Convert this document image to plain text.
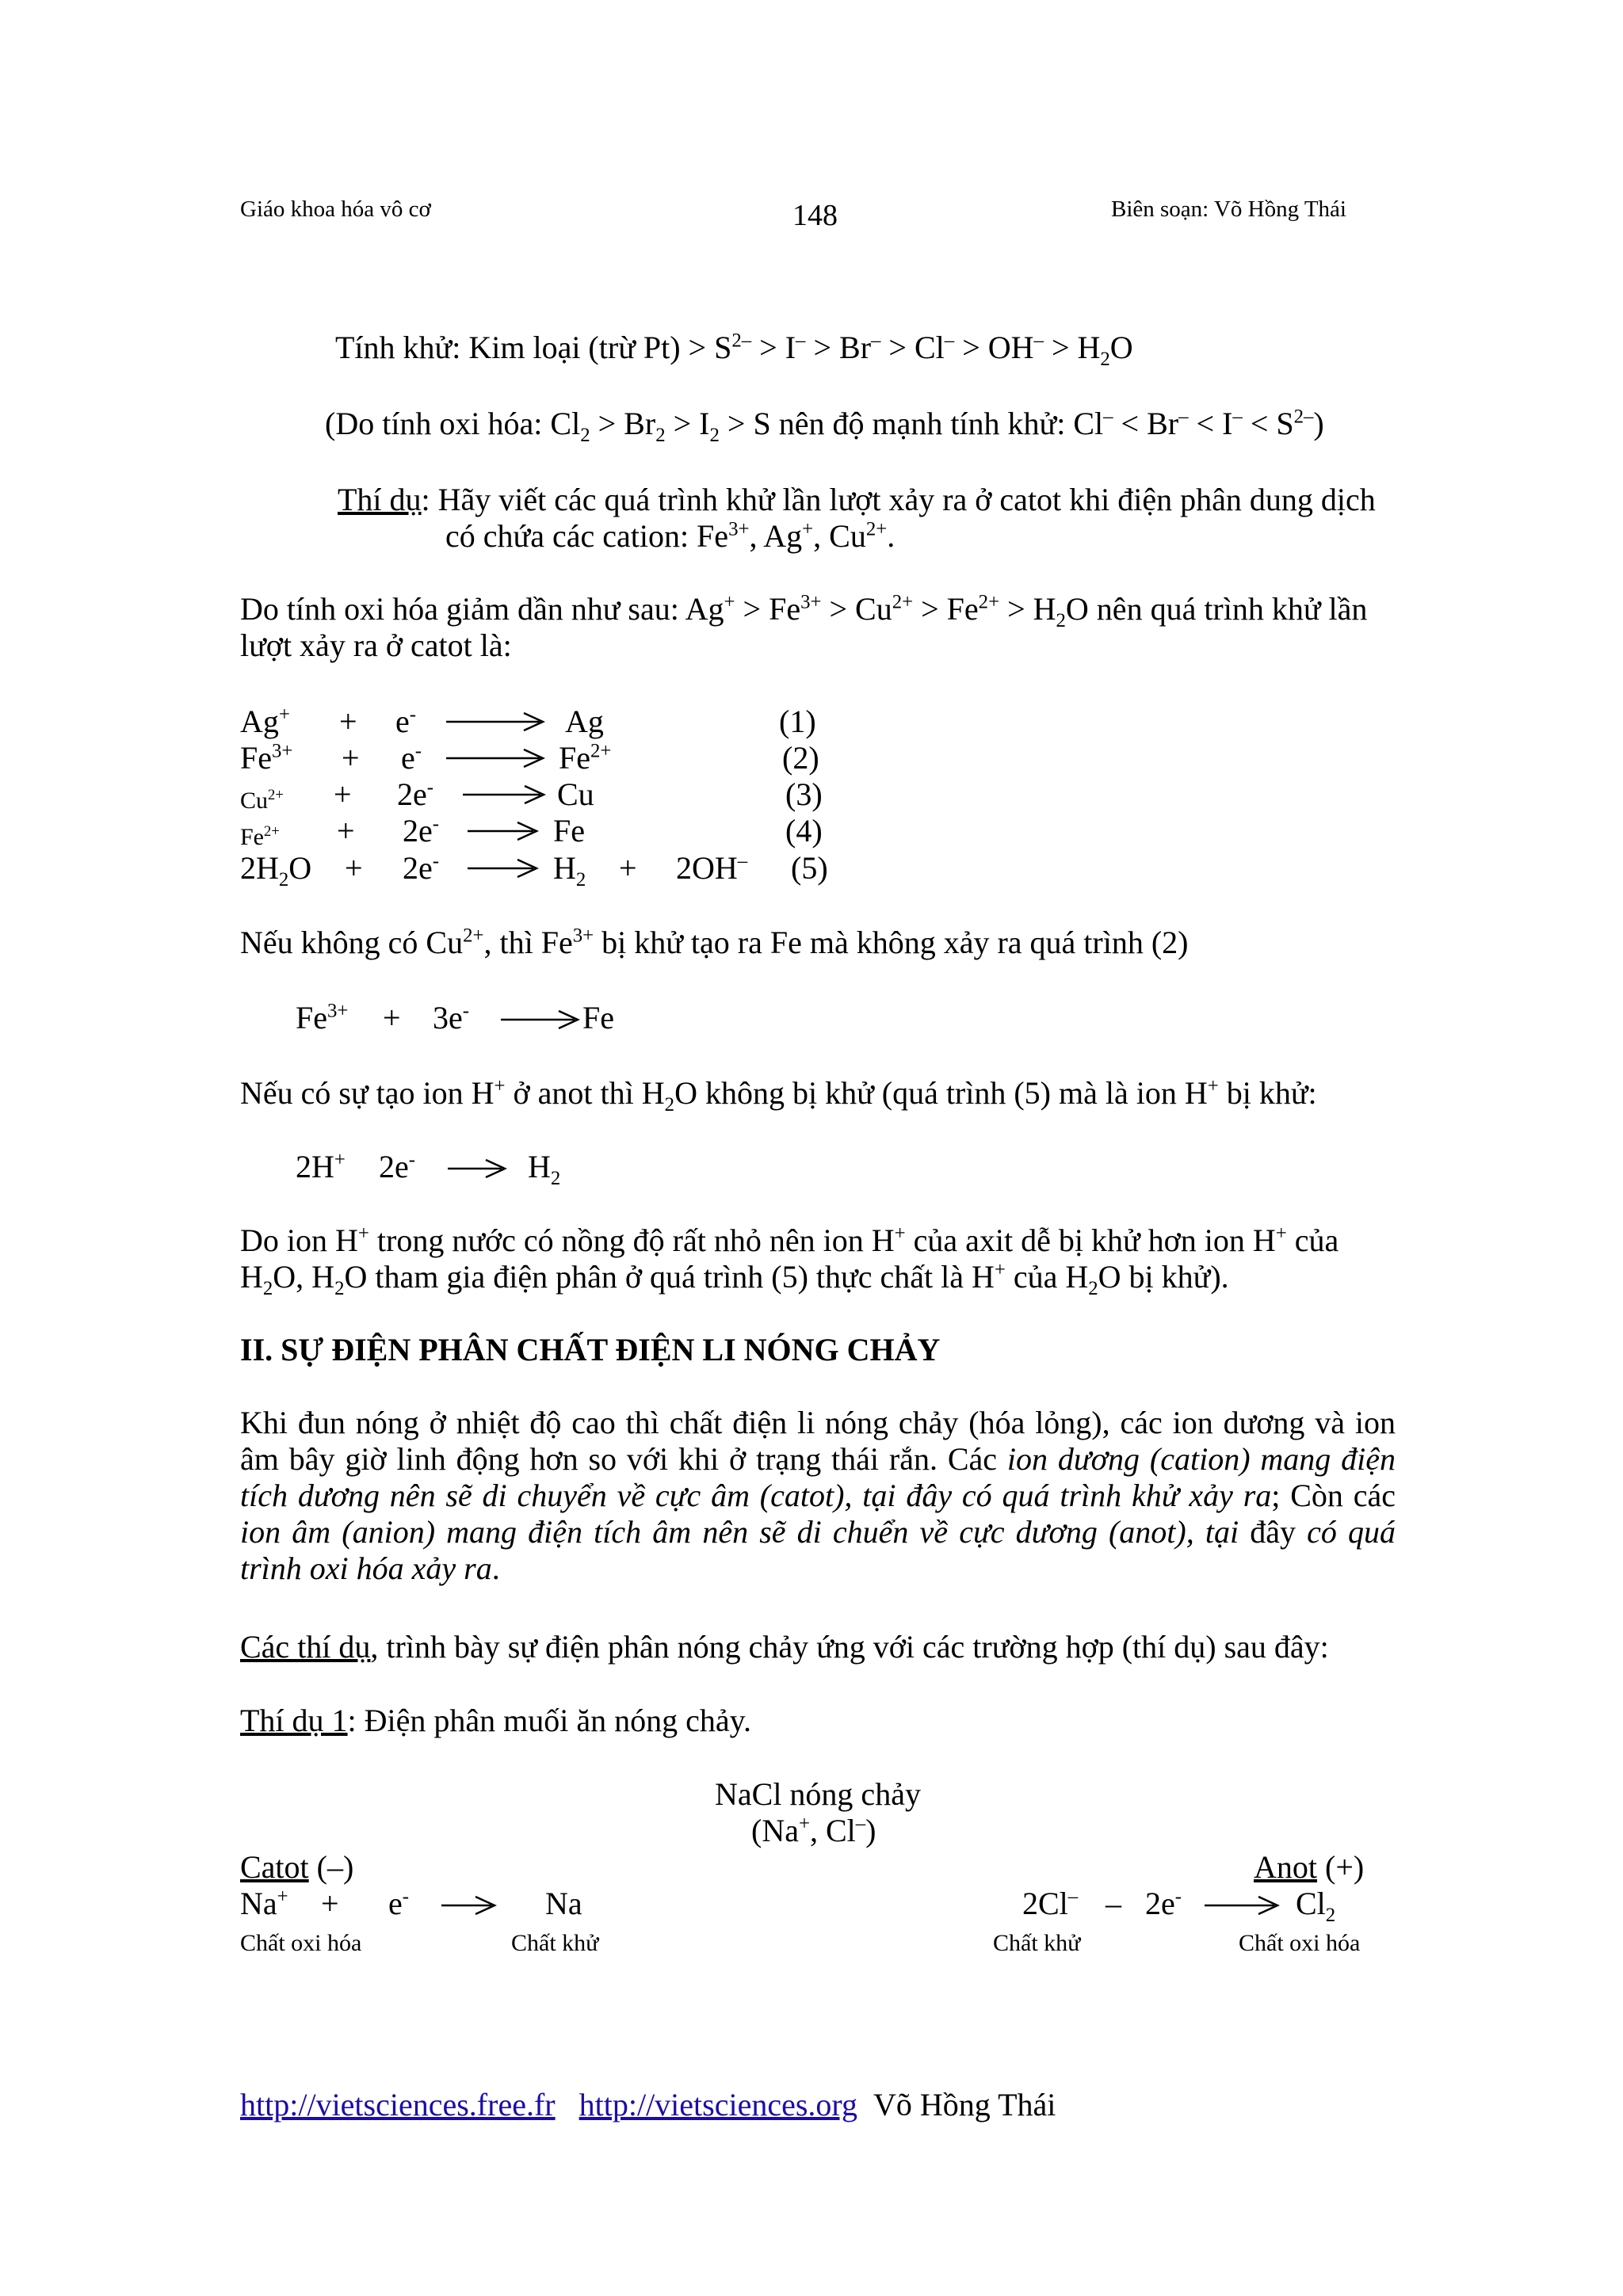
Giáo khoa hóa vô cơ	148	Biên soạn: Võ Hồng Thái
Tính khử: Kim loại (trừ $Pt) > S^{2-} > I^- > Br^- > Cl^- > OH^- > H_2O$
(Do tính oxi hóa: $Cl_2 > Br_2 > I_2 > S$ nên độ mạnh tính khử: $Cl^- < Br^- < I^- < S^{2-}$)
Thí dụ: Hãy viết các quá trình khử lần lượt xảy ra ở catot khi điện phân dung dịch
có chứa các cation: $Fe^{3+}$, Ag+, $Cu^{2+}$.
Do tính oxi hóa giảm dần như sau: $Ag^+ > Fe^{3+} > Cu^{2+} > Fe^{2+} > H_2O$ nên quá trình khử lần
lượt xảy ra ở catot là:
Ag+ + e-	Ag	(1)
$Fe^{3+} + e^-$	$Fe^{2+}$	(2)
$Cu^{2+} + 2e^-$	Cu	(3)
$Fe^{2+} + 2e^-$	Fe	(4)
$2H_2O + 2e^-$	$H_2 + 2OH^-$ (5)
Nếu không có $Cu^{2+}$, thì $Fe^{3+}$ bị khử tạo ra Fe mà không xảy ra quá trình (2)
$Fe^{3+} + 3e^-$	Fe
Nếu có sự tạo ion H+ ở anot thì $H_2O$ không bị khử (quá trình (5) mà là ion H+ bị khử:
2H+ 2e-	$H_2$
Do ion H+ trong nước có nồng độ rất nhỏ nên ion H+ của axit dễ bị khử hơn ion H+ của
$H_2O$, $H_2O$ tham gia điện phân ở quá trình (5) thực chất là H+ của $H_2O$ bị khử).
II. SỰ ĐIỆN PHÂN CHẤT ĐIỆN LI NÓNG CHẢY
Khi đun nóng ở nhiệt độ cao thì chất điện li nóng chảy (hóa lỏng), các ion dương và ion âm bây giờ linh động hơn so với khi ở trạng thái rắn. Các ion dương (cation) mang điện tích dương nên sẽ di chuyển về cực âm (catot), tại đây có quá trình khử xảy ra; Còn các ion âm (anion) mang điện tích âm nên sẽ di chuển về cực dương (anot), tại đây có quá trình oxi hóa xảy ra.
Các thí dụ, trình bày sự điện phân nóng chảy ứng với các trường hợp (thí dụ) sau đây:
Thí dụ 1: Điện phân muối ăn nóng chảy.
NaCl nóng chảy
(Na+, Cl–)
Catot (–)	Anot (+)
Na+ + e-	Na	2Cl– – 2e-	$Cl_2$
Chất oxi hóa	Chất khử	Chất khử	Chất oxi hóa
http://vietsciences.free.fr http://vietsciences.org Võ Hồng Thái
